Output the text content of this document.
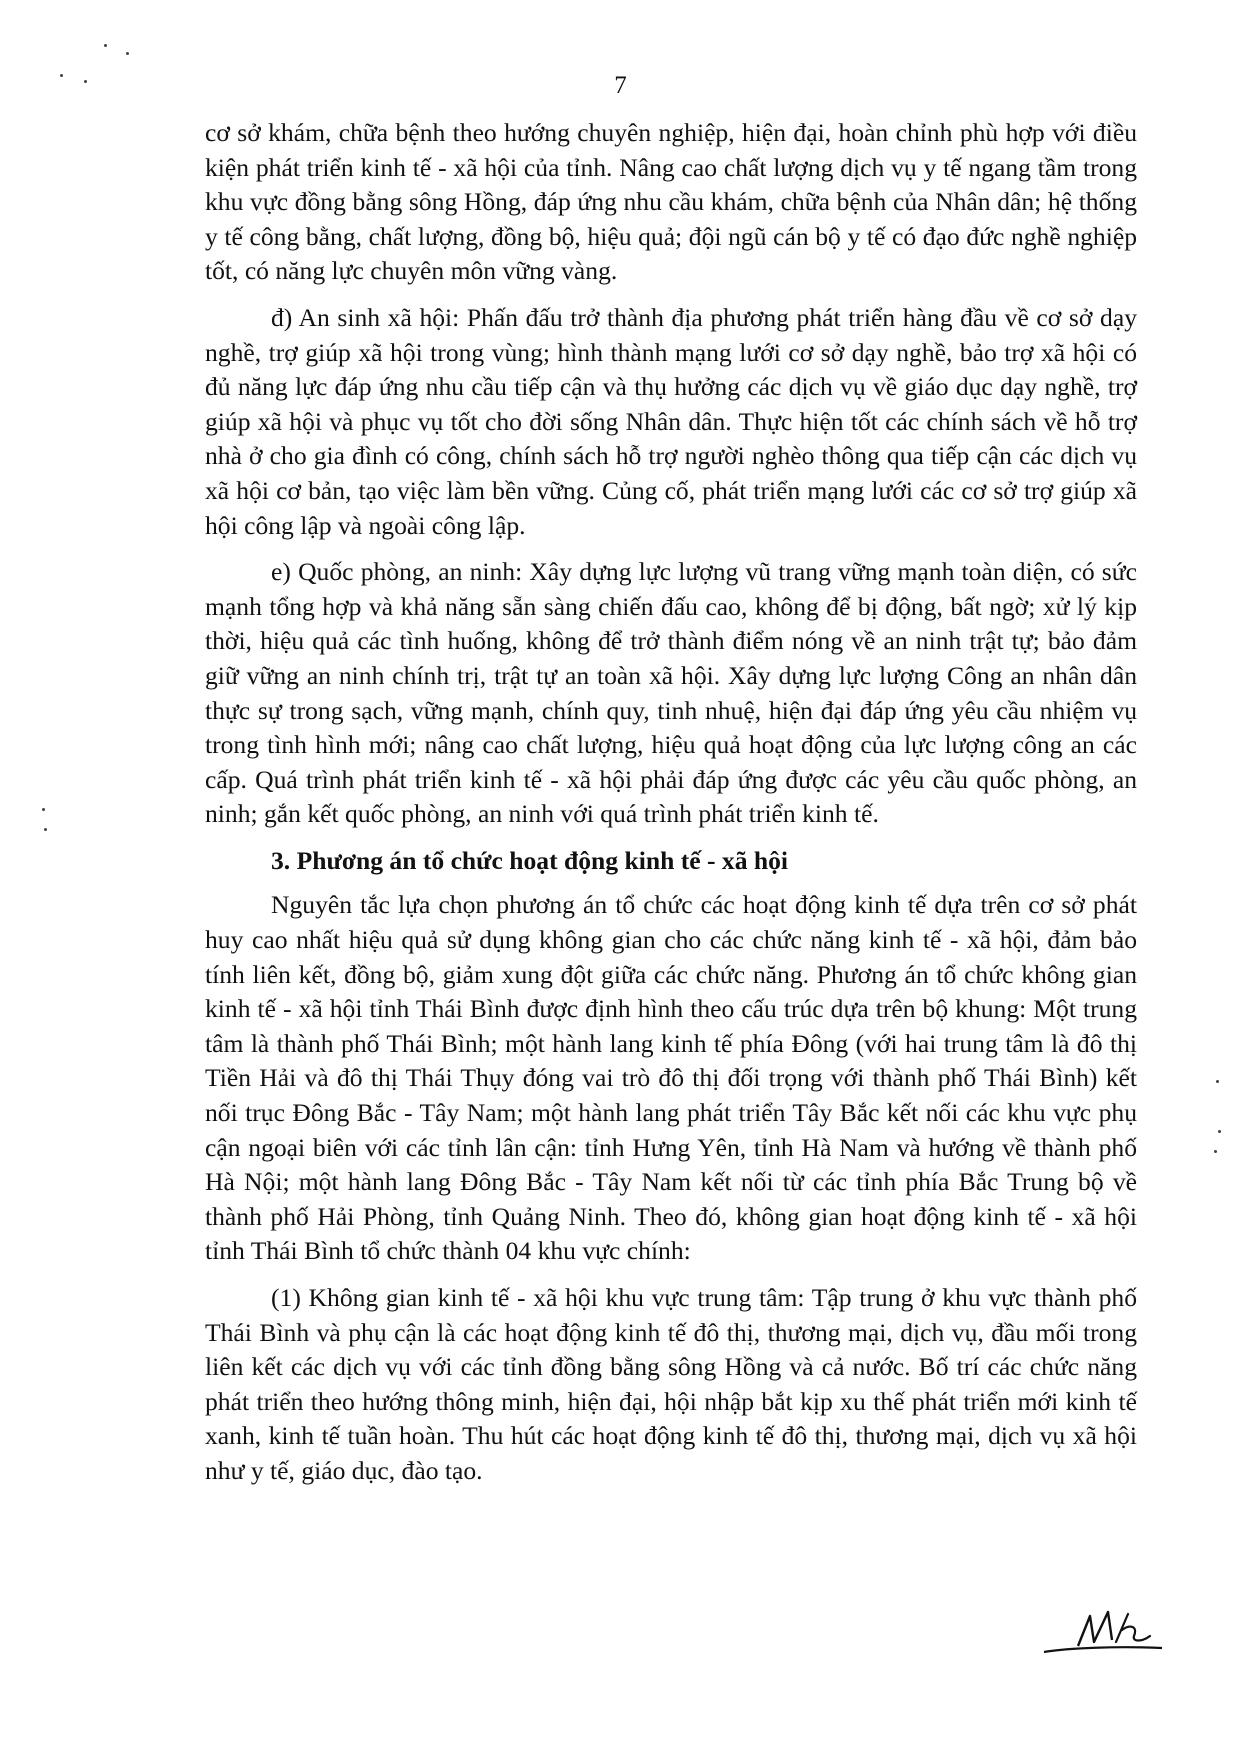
7

cơ sở khám, chữa bệnh theo hướng chuyên nghiệp, hiện đại, hoàn chỉnh phù hợp với điều kiện phát triển kinh tế - xã hội của tỉnh. Nâng cao chất lượng dịch vụ y tế ngang tầm trong khu vực đồng bằng sông Hồng, đáp ứng nhu cầu khám, chữa bệnh của Nhân dân; hệ thống y tế công bằng, chất lượng, đồng bộ, hiệu quả; đội ngũ cán bộ y tế có đạo đức nghề nghiệp tốt, có năng lực chuyên môn vững vàng.

đ) An sinh xã hội: Phấn đấu trở thành địa phương phát triển hàng đầu về cơ sở dạy nghề, trợ giúp xã hội trong vùng; hình thành mạng lưới cơ sở dạy nghề, bảo trợ xã hội có đủ năng lực đáp ứng nhu cầu tiếp cận và thụ hưởng các dịch vụ về giáo dục dạy nghề, trợ giúp xã hội và phục vụ tốt cho đời sống Nhân dân. Thực hiện tốt các chính sách về hỗ trợ nhà ở cho gia đình có công, chính sách hỗ trợ người nghèo thông qua tiếp cận các dịch vụ xã hội cơ bản, tạo việc làm bền vững. Củng cố, phát triển mạng lưới các cơ sở trợ giúp xã hội công lập và ngoài công lập.

e) Quốc phòng, an ninh: Xây dựng lực lượng vũ trang vững mạnh toàn diện, có sức mạnh tổng hợp và khả năng sẵn sàng chiến đấu cao, không để bị động, bất ngờ; xử lý kịp thời, hiệu quả các tình huống, không để trở thành điểm nóng về an ninh trật tự; bảo đảm giữ vững an ninh chính trị, trật tự an toàn xã hội. Xây dựng lực lượng Công an nhân dân thực sự trong sạch, vững mạnh, chính quy, tinh nhuệ, hiện đại đáp ứng yêu cầu nhiệm vụ trong tình hình mới; nâng cao chất lượng, hiệu quả hoạt động của lực lượng công an các cấp. Quá trình phát triển kinh tế - xã hội phải đáp ứng được các yêu cầu quốc phòng, an ninh; gắn kết quốc phòng, an ninh với quá trình phát triển kinh tế.

3. Phương án tổ chức hoạt động kinh tế - xã hội

Nguyên tắc lựa chọn phương án tổ chức các hoạt động kinh tế dựa trên cơ sở phát huy cao nhất hiệu quả sử dụng không gian cho các chức năng kinh tế - xã hội, đảm bảo tính liên kết, đồng bộ, giảm xung đột giữa các chức năng. Phương án tổ chức không gian kinh tế - xã hội tỉnh Thái Bình được định hình theo cấu trúc dựa trên bộ khung: Một trung tâm là thành phố Thái Bình; một hành lang kinh tế phía Đông (với hai trung tâm là đô thị Tiền Hải và đô thị Thái Thụy đóng vai trò đô thị đối trọng với thành phố Thái Bình) kết nối trục Đông Bắc - Tây Nam; một hành lang phát triển Tây Bắc kết nối các khu vực phụ cận ngoại biên với các tỉnh lân cận: tỉnh Hưng Yên, tỉnh Hà Nam và hướng về thành phố Hà Nội; một hành lang Đông Bắc - Tây Nam kết nối từ các tỉnh phía Bắc Trung bộ về thành phố Hải Phòng, tỉnh Quảng Ninh. Theo đó, không gian hoạt động kinh tế - xã hội tỉnh Thái Bình tổ chức thành 04 khu vực chính:

(1) Không gian kinh tế - xã hội khu vực trung tâm: Tập trung ở khu vực thành phố Thái Bình và phụ cận là các hoạt động kinh tế đô thị, thương mại, dịch vụ, đầu mối trong liên kết các dịch vụ với các tỉnh đồng bằng sông Hồng và cả nước. Bố trí các chức năng phát triển theo hướng thông minh, hiện đại, hội nhập bắt kịp xu thế phát triển mới kinh tế xanh, kinh tế tuần hoàn. Thu hút các hoạt động kinh tế đô thị, thương mại, dịch vụ xã hội như y tế, giáo dục, đào tạo.
